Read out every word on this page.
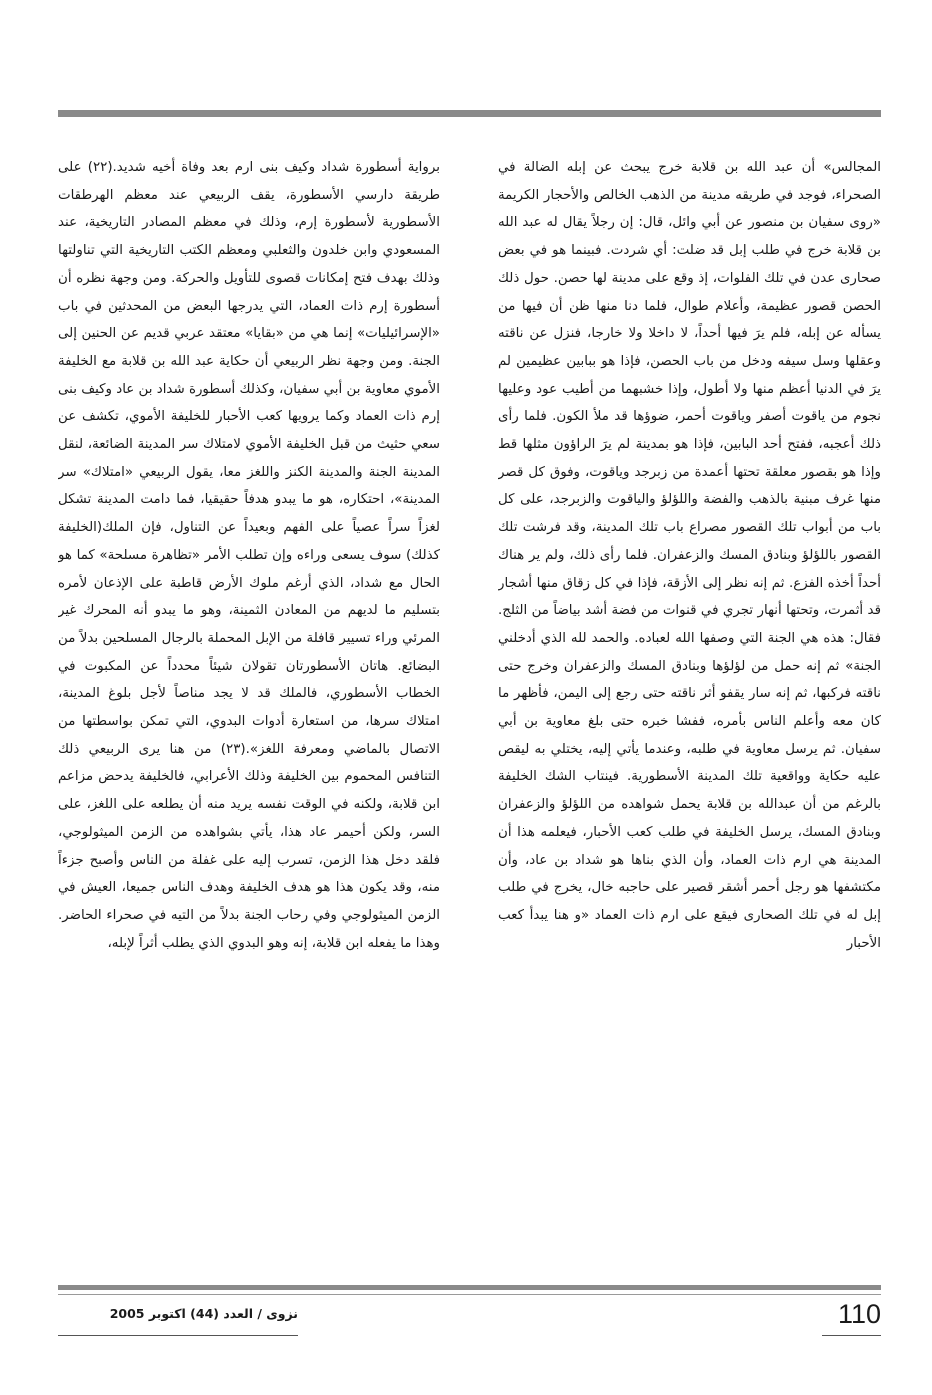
المجالس» أن عبد الله بن قلابة خرج يبحث عن إبله الضالة في الصحراء، فوجد في طريقه مدينة من الذهب الخالص والأحجار الكريمة «روى سفيان بن منصور عن أبي وائل، قال: إن رجلاً يقال له عبد الله بن قلابة خرج في طلب إبل قد ضلت: أي شردت. فبينما هو في بعض صحارى عدن في تلك الفلوات، إذ وقع على مدينة لها حصن. حول ذلك الحصن قصور عظيمة، وأعلام طوال، فلما دنا منها ظن أن فيها من يسأله عن إبله، فلم يرَ فيها أحداً، لا داخلا ولا خارجا، فنزل عن ناقته وعقلها وسل سيفه ودخل من باب الحصن، فإذا هو ببابين عظيمين لم يرَ في الدنيا أعظم منها ولا أطول، وإذا خشبهما من أطيب عود وعليها نجوم من ياقوت أصفر وياقوت أحمر، ضوؤها قد ملأ الكون. فلما رأى ذلك أعجبه، ففتح أحد البابين، فإذا هو بمدينة لم يرَ الراؤون مثلها قط وإذا هو بقصور معلقة تحتها أعمدة من زبرجد وياقوت، وفوق كل قصر منها غرف مبنية بالذهب والفضة واللؤلؤ والياقوت والزبرجد، على كل باب من أبواب تلك القصور مصراع باب تلك المدينة، وقد فرشت تلك القصور باللؤلؤ وبنادق المسك والزعفران. فلما رأى ذلك، ولم ير هناك أحداً أخذه الفزع. ثم إنه نظر إلى الأزقة، فإذا في كل زقاق منها أشجار قد أثمرت، وتحتها أنهار تجري في قنوات من فضة أشد بياضاً من الثلج. فقال: هذه هي الجنة التي وصفها الله لعباده. والحمد لله الذي أدخلني الجنة» ثم إنه حمل من لؤلؤها وبنادق المسك والزعفران وخرج حتى ناقته فركبها، ثم إنه سار يقفو أثر ناقته حتى رجع إلى اليمن، فأظهر ما كان معه وأعلم الناس بأمره، ففشا خبره حتى بلغ معاوية بن أبي سفيان. ثم يرسل معاوية في طلبه، وعندما يأتي إليه، يختلي به ليقص عليه حكاية وواقعية تلك المدينة الأسطورية. فينتاب الشك الخليفة بالرغم من أن عبدالله بن قلابة يحمل شواهده من اللؤلؤ والزعفران وبنادق المسك، يرسل الخليفة في طلب كعب الأحبار، فيعلمه هذا أن المدينة هي ارم ذات العماد، وأن الذي بناها هو شداد بن عاد، وأن مكتشفها هو رجل أحمر أشقر قصير على حاجبه خال، يخرج في طلب إبل له في تلك الصحارى فيقع على ارم ذات العماد «و هنا يبدأ كعب الأحبار

برواية أسطورة شداد وكيف بنى ارم بعد وفاة أخيه شديد.(٢٢) على طريقة دارسي الأسطورة، يقف الربيعي عند معظم الهرطقات الأسطورية لأسطورة إرم، وذلك في معظم المصادر التاريخية، عند المسعودي وابن خلدون والثعلبي ومعظم الكتب التاريخية التي تناولتها وذلك بهدف فتح إمكانات قصوى للتأويل والحركة. ومن وجهة نظره أن أسطورة إرم ذات العماد، التي يدرجها البعض من المحدثين في باب «الإسرائيليات» إنما هي من «بقايا» معتقد عربي قديم عن الحنين إلى الجنة. ومن وجهة نظر الربيعي أن حكاية عبد الله بن قلابة مع الخليفة الأموي معاوية بن أبي سفيان، وكذلك أسطورة شداد بن عاد وكيف بنى إرم ذات العماد وكما يرويها كعب الأحبار للخليفة الأموي، تكشف عن سعي حثيث من قبل الخليفة الأموي لامتلاك سر المدينة الضائعة، لنقل المدينة الجنة والمدينة الكنز واللغز معا، يقول الربيعي «امتلاك» سر المدينة»، احتكاره، هو ما يبدو هدفاً حقيقيا، فما دامت المدينة تشكل لغزاً سراً عصياً على الفهم وبعيداً عن التناول، فإن الملك(الخليفة كذلك) سوف يسعى وراءه وإن تطلب الأمر «تظاهرة مسلحة» كما هو الحال مع شداد، الذي أرغم ملوك الأرض قاطبة على الإذعان لأمره بتسليم ما لديهم من المعادن الثمينة، وهو ما يبدو أنه المحرك غير المرئي وراء تسيير قافلة من الإبل المحملة بالرجال المسلحين بدلاً من البضائع. هاتان الأسطورتان تقولان شيئاً محدداً عن المكبوت في الخطاب الأسطوري، فالملك قد لا يجد مناصاً لأجل بلوغ المدينة، امتلاك سرها، من استعارة أدوات البدوي، التي تمكن بواسطتها من الاتصال بالماضي ومعرفة اللغز».(٢٣) من هنا يرى الربيعي ذلك التنافس المحموم بين الخليفة وذلك الأعرابي، فالخليفة يدحض مزاعم ابن قلابة، ولكنه في الوقت نفسه يريد منه أن يطلعه على اللغز، على السر، ولكن أحيمر عاد هذا، يأتي بشواهده من الزمن الميثولوجي، فلقد دخل هذا الزمن، تسرب إليه على غفلة من الناس وأصبح جزءاً منه، وقد يكون هذا هو هدف الخليفة وهدف الناس جميعا، العيش في الزمن الميثولوجي وفي رحاب الجنة بدلاً من التيه في صحراء الحاضر. وهذا ما يفعله ابن قلابة، إنه وهو البدوي الذي يطلب أثراً لإبله،

110
نزوى / العدد (44) اكتوبر 2005
